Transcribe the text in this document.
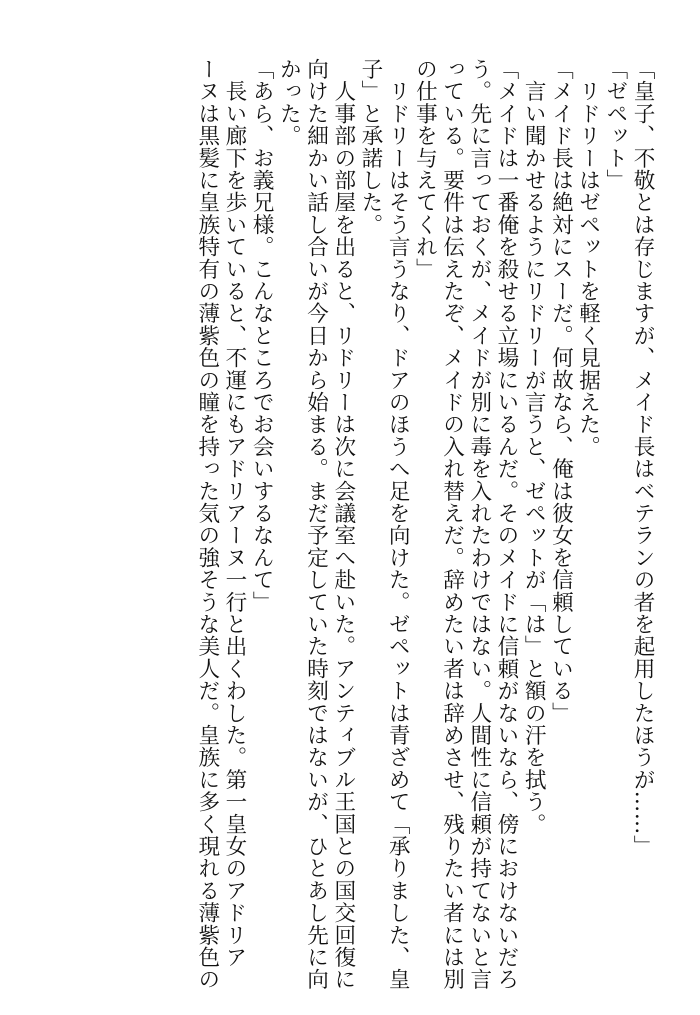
「皇子、不敬とは存じますが、メイド長はベテランの者を起用したほうが……」
「ゼペット」
　リドリーはゼペットを軽く見据えた。
「メイド長は絶対にスーだ。何故なら、俺は彼女を信頼している」
　言い聞かせるようにリドリーが言うと、ゼペットが「は」と額の汗を拭う。
「メイドは一番俺を殺せる立場にいるんだ。そのメイドに信頼がないなら、傍におけないだろ
う。先に言っておくが、メイドが別に毒を入れたわけではない。人間性に信頼が持てないと言
っている。要件は伝えたぞ、メイドの入れ替えだ。辞めたい者は辞めさせ、残りたい者には別
の仕事を与えてくれ」
　リドリーはそう言うなり、ドアのほうへ足を向けた。ゼペットは青ざめて「承りました、皇
子」と承諾した。
　人事部の部屋を出ると、リドリーは次に会議室へ赴いた。アンティブル王国との国交回復に
向けた細かい話し合いが今日から始まる。まだ予定していた時刻ではないが、ひとあし先に向
かった。
「あら、お義兄様。こんなところでお会いするなんて」
　長い廊下を歩いていると、不運にもアドリアーヌ一行と出くわした。第一皇女のアドリア
ーヌは黒髪に皇族特有の薄紫色の瞳を持った気の強そうな美人だ。皇族に多く現れる薄紫色の
